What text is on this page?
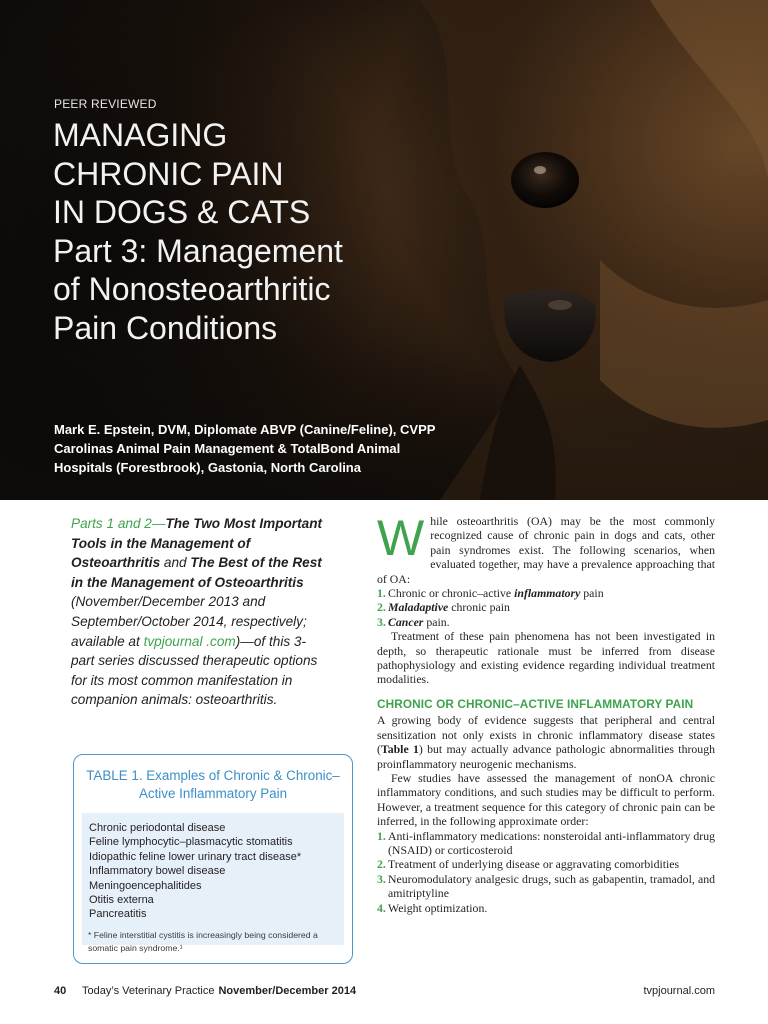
PEER REVIEWED
MANAGING
CHRONIC PAIN
IN DOGS & CATS
Part 3: Management
of Nonosteoarthritic
Pain Conditions
Mark E. Epstein, DVM, Diplomate ABVP (Canine/Feline), CVPP
Carolinas Animal Pain Management & TotalBond Animal
Hospitals (Forestbrook), Gastonia, North Carolina
Parts 1 and 2—The Two Most Important Tools in the Management of Osteoarthritis and The Best of the Rest in the Management of Osteoarthritis (November/December 2013 and September/October 2014, respectively; available at tvpjournal .com)—of this 3-part series discussed therapeutic options for its most common manifestation in companion animals: osteoarthritis.
TABLE 1. Examples of Chronic & Chronic–Active Inflammatory Pain
Chronic periodontal disease
Feline lymphocytic–plasmacytic stomatitis
Idiopathic feline lower urinary tract disease*
Inflammatory bowel disease
Meningoencephalitides
Otitis externa
Pancreatitis
* Feline interstitial cystitis is increasingly being considered a somatic pain syndrome.¹

While osteoarthritis (OA) may be the most commonly recognized cause of chronic pain in dogs and cats, other pain syndromes exist. The following scenarios, when evaluated together, may have a prevalence approaching that of OA:

1. Chronic or chronic–active inflammatory pain
2. Maladaptive chronic pain
3. Cancer pain.

Treatment of these pain phenomena has not been investigated in depth, so therapeutic rationale must be inferred from disease pathophysiology and existing evidence regarding individual treatment modalities.

CHRONIC OR CHRONIC–ACTIVE INFLAMMATORY PAIN

A growing body of evidence suggests that peripheral and central sensitization not only exists in chronic inflammatory disease states (Table 1) but may actually advance pathologic abnormalities through proinflammatory neurogenic mechanisms.

Few studies have assessed the management of nonOA chronic inflammatory conditions, and such studies may be difficult to perform. However, a treatment sequence for this category of chronic pain can be inferred, in the following approximate order:

1. Anti-inflammatory medications: nonsteroidal anti-inflammatory drug (NSAID) or corticosteroid
2. Treatment of underlying disease or aggravating comorbidities
3. Neuromodulatory analgesic drugs, such as gabapentin, tramadol, and amitriptyline
4. Weight optimization.
40 Today’s Veterinary Practice November/December 2014	tvpjournal.com
